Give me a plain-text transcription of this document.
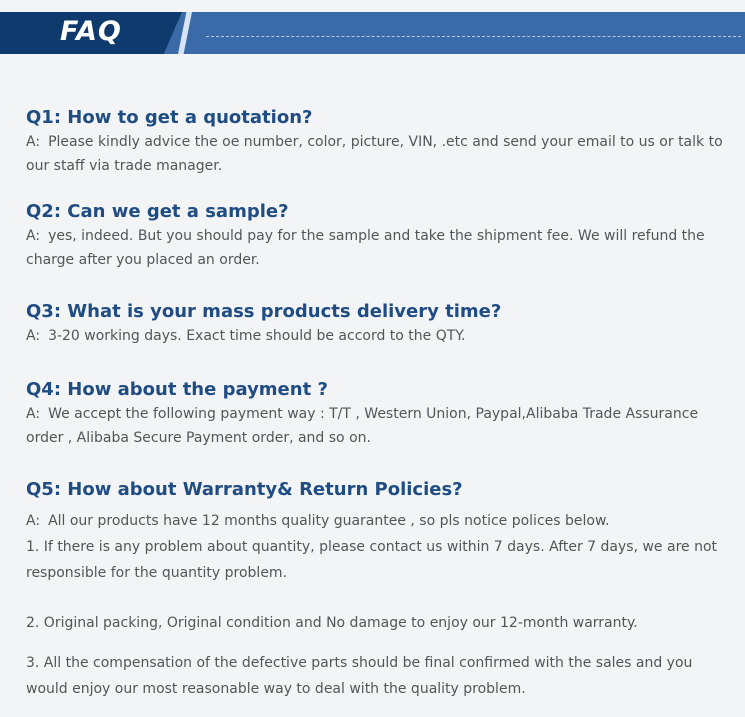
FAQ

Q1: How to get a quotation?

A: Please kindly advice the oe number, color, picture, VIN, .etc and send your email to us or talk to our staff via trade manager.

Q2: Can we get a sample?

A: yes, indeed. But you should pay for the sample and take the shipment fee. We will refund the charge after you placed an order.

Q3: What is your mass products delivery time?

A: 3-20 working days. Exact time should be accord to the QTY.

Q4: How about the payment ?

A: We accept the following payment way : T/T , Western Union, Paypal,Alibaba Trade Assurance order , Alibaba Secure Payment order, and so on.

Q5: How about Warranty& Return Policies?

A: All our products have 12 months quality guarantee , so pls notice polices below.

1. If there is any problem about quantity, please contact us within 7 days. After 7 days, we are not responsible for the quantity problem.

2. Original packing, Original condition and No damage to enjoy our 12-month warranty.

3. All the compensation of the defective parts should be final confirmed with the sales and you would enjoy our most reasonable way to deal with the quality problem.
